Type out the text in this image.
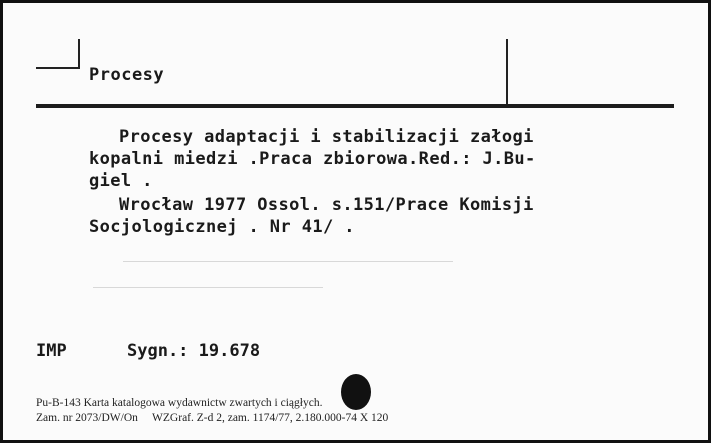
Procesy
Procesy adaptacji i stabilizacji załogi
kopalni miedzi .Praca zbiorowa.Red.: J.Bu-
giel .
Wrocław 1977 Ossol. s.151/Prace Komisji
Socjologicznej . Nr 41/ .
IMP	Sygn.: 19.678
Pu-B-143 Karta katalogowa wydawnictw zwartych i ciągłych.
Zam. nr 2073/DW/On     WZGraf. Z-d 2, zam. 1174/77, 2.180.000-74 X 120
